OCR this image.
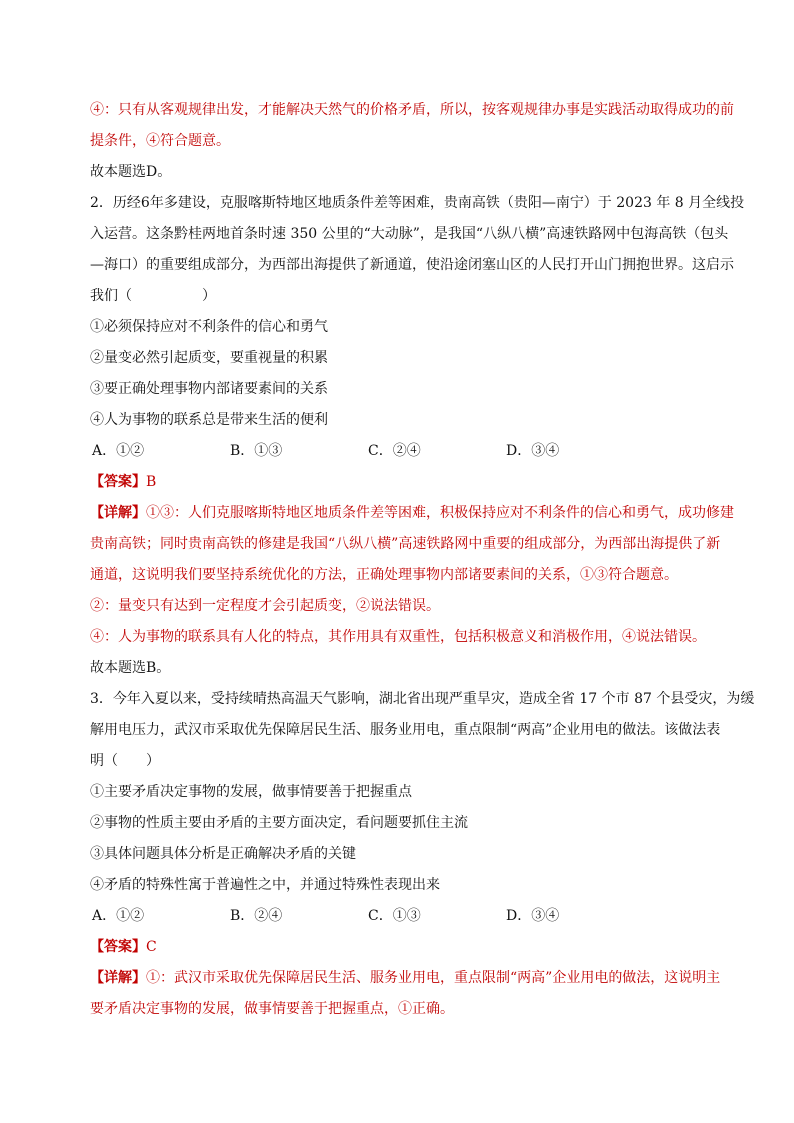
④：只有从客观规律出发，才能解决天然气的价格矛盾，所以，按客观规律办事是实践活动取得成功的前
提条件，④符合题意。
故本题选D。
2．历经6年多建设，克服喀斯特地区地质条件差等困难，贵南高铁（贵阳—南宁）于 2023 年 8 月全线投
入运营。这条黔桂两地首条时速 350 公里的“大动脉”，是我国“八纵八横”高速铁路网中包海高铁（包头
—海口）的重要组成部分，为西部出海提供了新通道，使沿途闭塞山区的人民打开山门拥抱世界。这启示
我们（　　　　　）
①必须保持应对不利条件的信心和勇气
②量变必然引起质变，要重视量的积累
③要正确处理事物内部诸要素间的关系
④人为事物的联系总是带来生活的便利
A．①②	B．①③	C．②④	D．③④
【答案】B
【详解】①③：人们克服喀斯特地区地质条件差等困难，积极保持应对不利条件的信心和勇气，成功修建
贵南高铁；同时贵南高铁的修建是我国“八纵八横”高速铁路网中重要的组成部分，为西部出海提供了新
通道，这说明我们要坚持系统优化的方法，正确处理事物内部诸要素间的关系，①③符合题意。
②：量变只有达到一定程度才会引起质变，②说法错误。
④：人为事物的联系具有人化的特点，其作用具有双重性，包括积极意义和消极作用，④说法错误。
故本题选B。
3．今年入夏以来，受持续晴热高温天气影响，湖北省出现严重旱灾，造成全省 17 个市 87 个县受灾，为缓
解用电压力，武汉市采取优先保障居民生活、服务业用电，重点限制“两高”企业用电的做法。该做法表
明（　　）
①主要矛盾决定事物的发展，做事情要善于把握重点
②事物的性质主要由矛盾的主要方面决定，看问题要抓住主流
③具体问题具体分析是正确解决矛盾的关键
④矛盾的特殊性寓于普遍性之中，并通过特殊性表现出来
A．①②	B．②④	C．①③	D．③④
【答案】C
【详解】①：武汉市采取优先保障居民生活、服务业用电，重点限制“两高”企业用电的做法，这说明主
要矛盾决定事物的发展，做事情要善于把握重点，①正确。
